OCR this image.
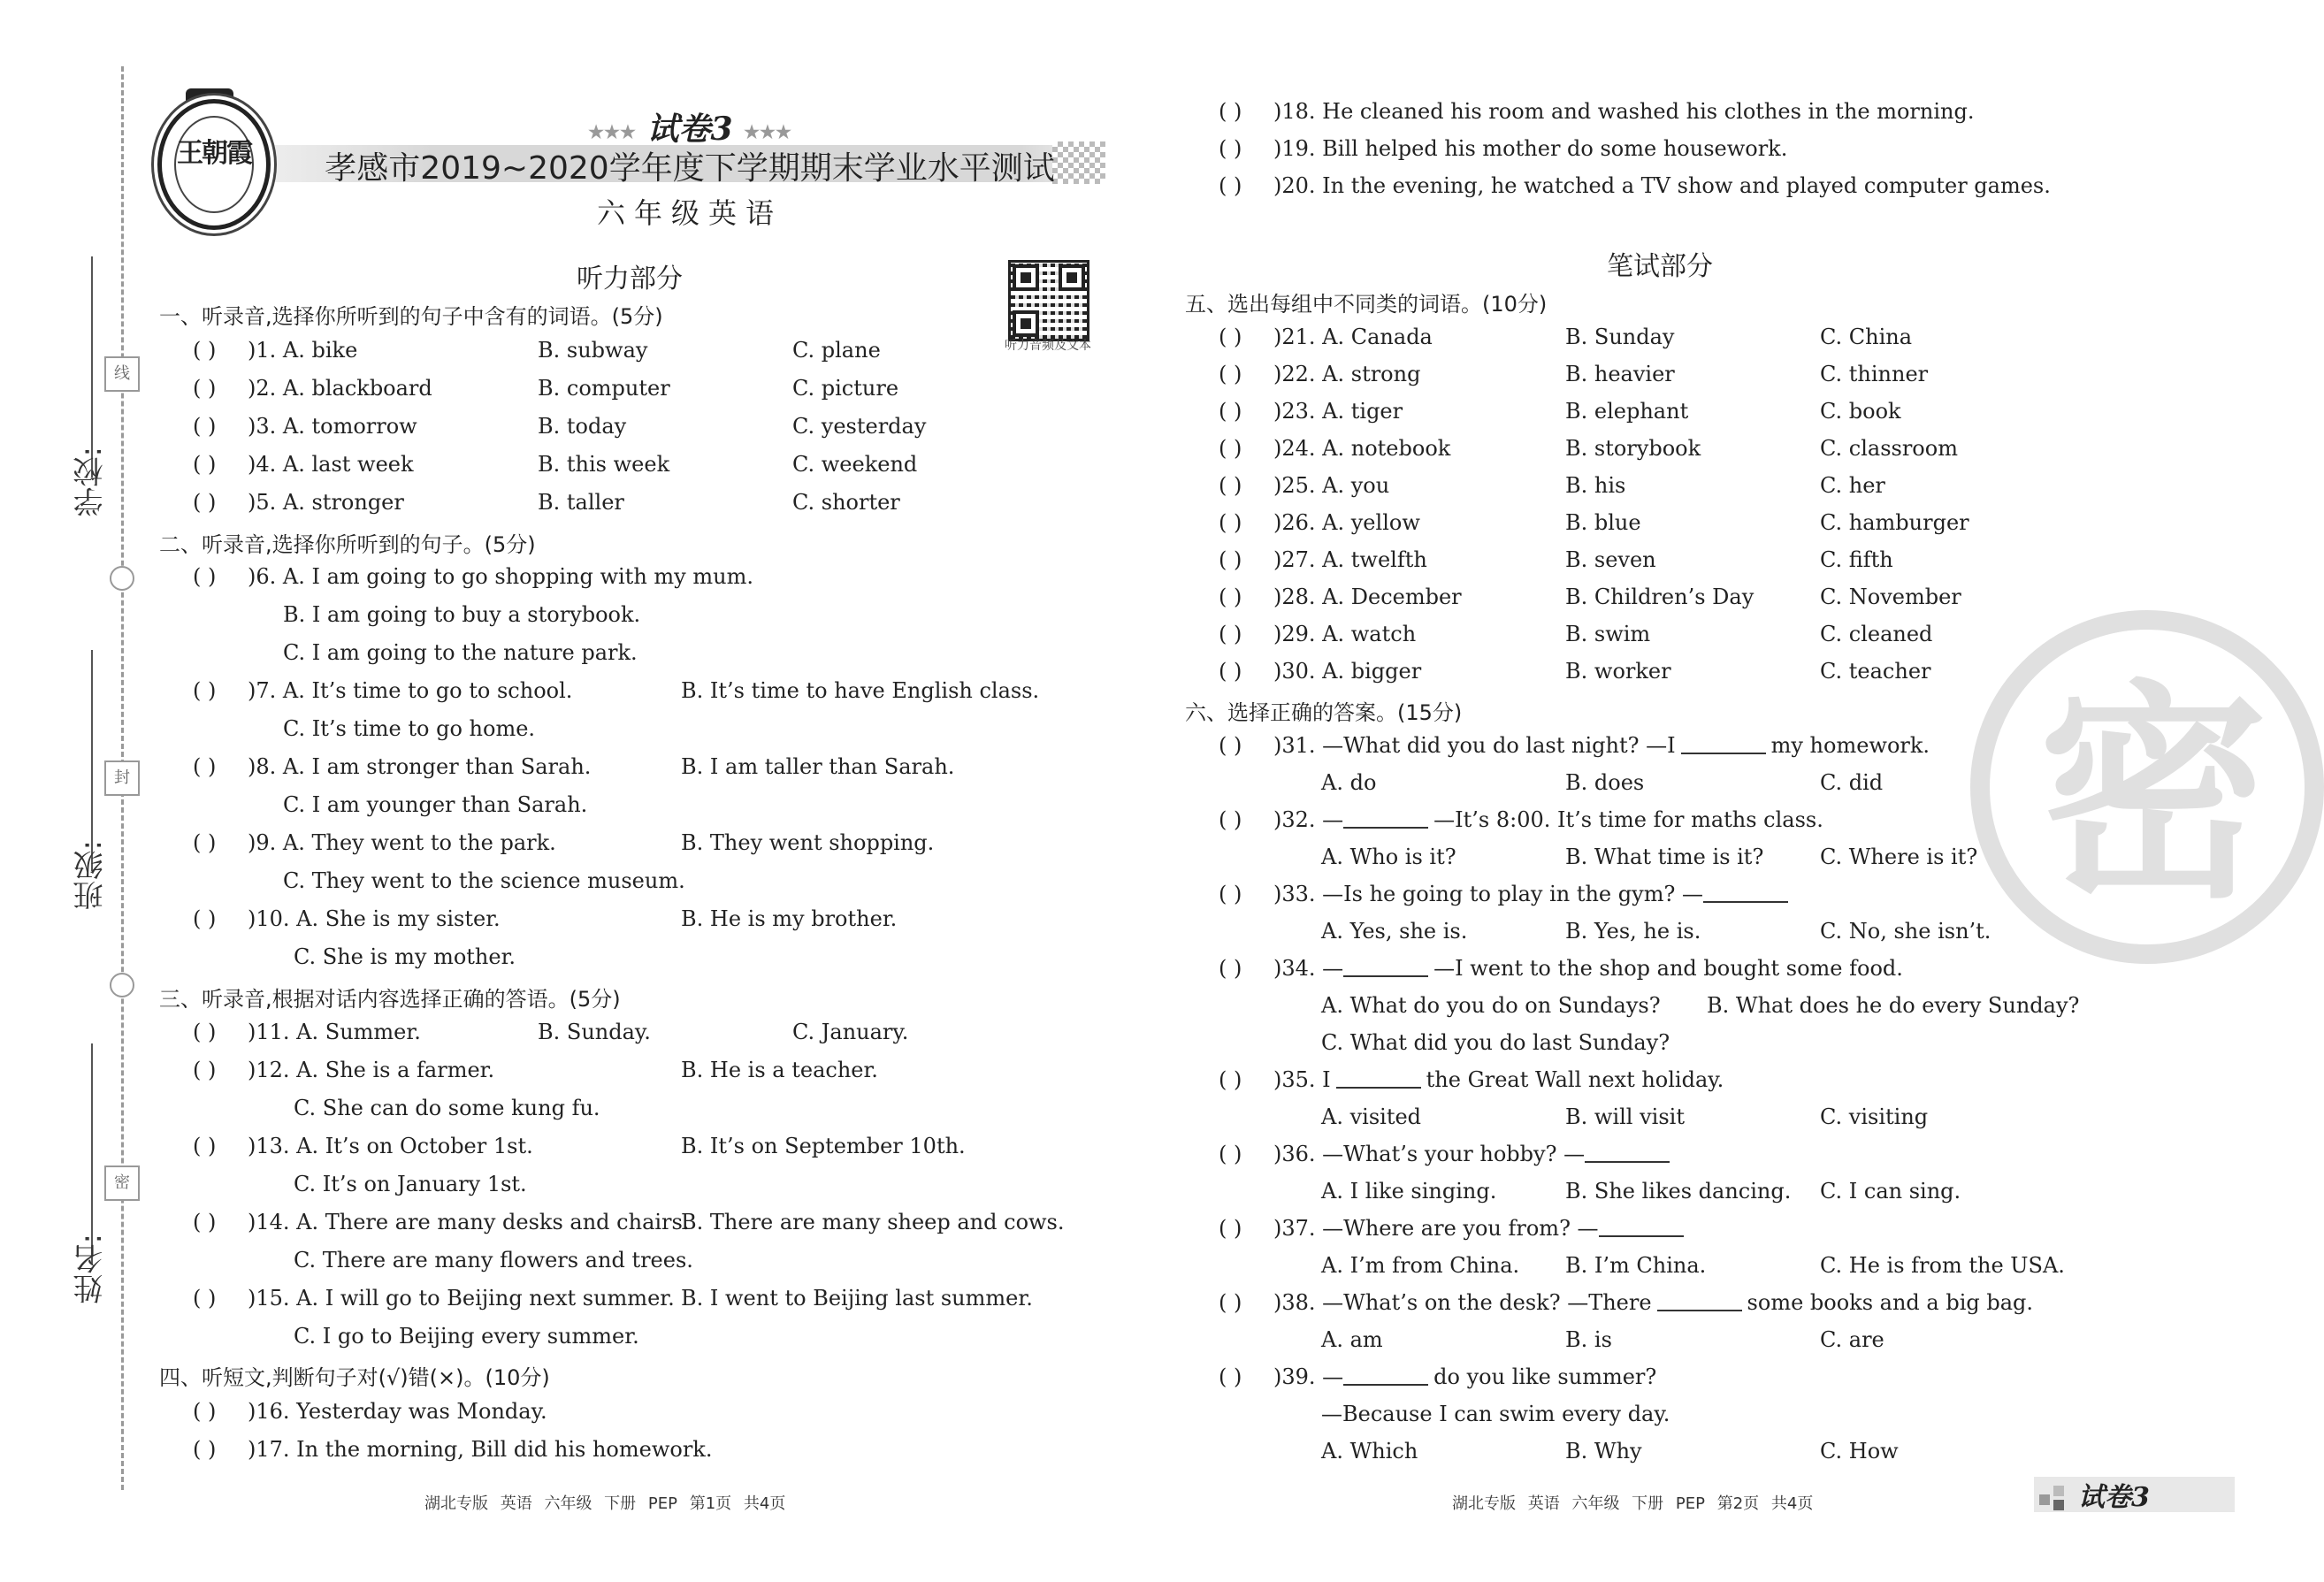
学校:
班级:
姓名:
线
封
密
王朝霞
★★★ 试卷3 ★★★
孝感市2019~2020学年度下学期期末学业水平测试
六年级英语
听力部分
听力音频及文本
一、听录音,选择你所听到的句子中含有的词语。(5分)
( ) )1. A. bike	B. subway	C. plane
( ) )2. A. blackboard	B. computer	C. picture
( ) )3. A. tomorrow	B. today	C. yesterday
( ) )4. A. last week	B. this week	C. weekend
( ) )5. A. stronger	B. taller	C. shorter
二、听录音,选择你所听到的句子。(5分)
( ) )6. A. I am going to go shopping with my mum.
B. I am going to buy a storybook.
C. I am going to the nature park.
( ) )7. A. It’s time to go to school.	B. It’s time to have English class.
C. It’s time to go home.
( ) )8. A. I am stronger than Sarah.	B. I am taller than Sarah.
C. I am younger than Sarah.
( ) )9. A. They went to the park.	B. They went shopping.
C. They went to the science museum.
( ) )10. A. She is my sister.	B. He is my brother.
C. She is my mother.
三、听录音,根据对话内容选择正确的答语。(5分)
( ) )11. A. Summer.	B. Sunday.	C. January.
( ) )12. A. She is a farmer.	B. He is a teacher.
C. She can do some kung fu.
( ) )13. A. It’s on October 1st.	B. It’s on September 10th.
C. It’s on January 1st.
( ) )14. A. There are many desks and chairs.
B. There are many sheep and cows.
C. There are many flowers and trees.
( ) )15. A. I will go to Beijing next summer. B. I went to Beijing last summer.
C. I go to Beijing every summer.
四、听短文,判断句子对(√)错(×)。(10分)
( ) )16. Yesterday was Monday.
( ) )17. In the morning, Bill did his homework.
湖北专版 英语 六年级 下册 PEP 第1页 共4页
密
( ) )18. He cleaned his room and washed his clothes in the morning.
( ) )19. Bill helped his mother do some housework.
( ) )20. In the evening, he watched a TV show and played computer games.
笔试部分
五、选出每组中不同类的词语。(10分)
( ) )21. A. Canada	B. Sunday	C. China
( ) )22. A. strong	B. heavier	C. thinner
( ) )23. A. tiger	B. elephant	C. book
( ) )24. A. notebook	B. storybook	C. classroom
( ) )25. A. you	B. his	C. her
( ) )26. A. yellow	B. blue	C. hamburger
( ) )27. A. twelfth	B. seven	C. fifth
( ) )28. A. December	B. Children’s Day	C. November
( ) )29. A. watch	B. swim	C. cleaned
( ) )30. A. bigger	B. worker	C. teacher
六、选择正确的答案。(15分)
( ) )31. —What did you do last night? —I	my homework.
A. do	B. does	C. did
( ) )32. —	—It’s 8:00. It’s time for maths class.
A. Who is it?	B. What time is it?	C. Where is it?
( ) )33. —Is he going to play in the gym? —
A. Yes, she is.	B. Yes, he is.	C. No, she isn’t.
( ) )34. —	—I went to the shop and bought some food.
A. What do you do on Sundays? B. What does he do every Sunday?
C. What did you do last Sunday?
( ) )35. I	the Great Wall next holiday.
A. visited	B. will visit	C. visiting
( ) )36. —What’s your hobby? —
A. I like singing.	B. She likes dancing. C. I can sing.
( ) )37. —Where are you from? —
A. I’m from China. B. I’m China.	C. He is from the USA.
( ) )38. —What’s on the desk? —There	some books and a big bag.
A. am	B. is	C. are
( ) )39. —	do you like summer?
—Because I can swim every day.
A. Which	B. Why	C. How
湖北专版 英语 六年级 下册 PEP 第2页 共4页	试卷3
